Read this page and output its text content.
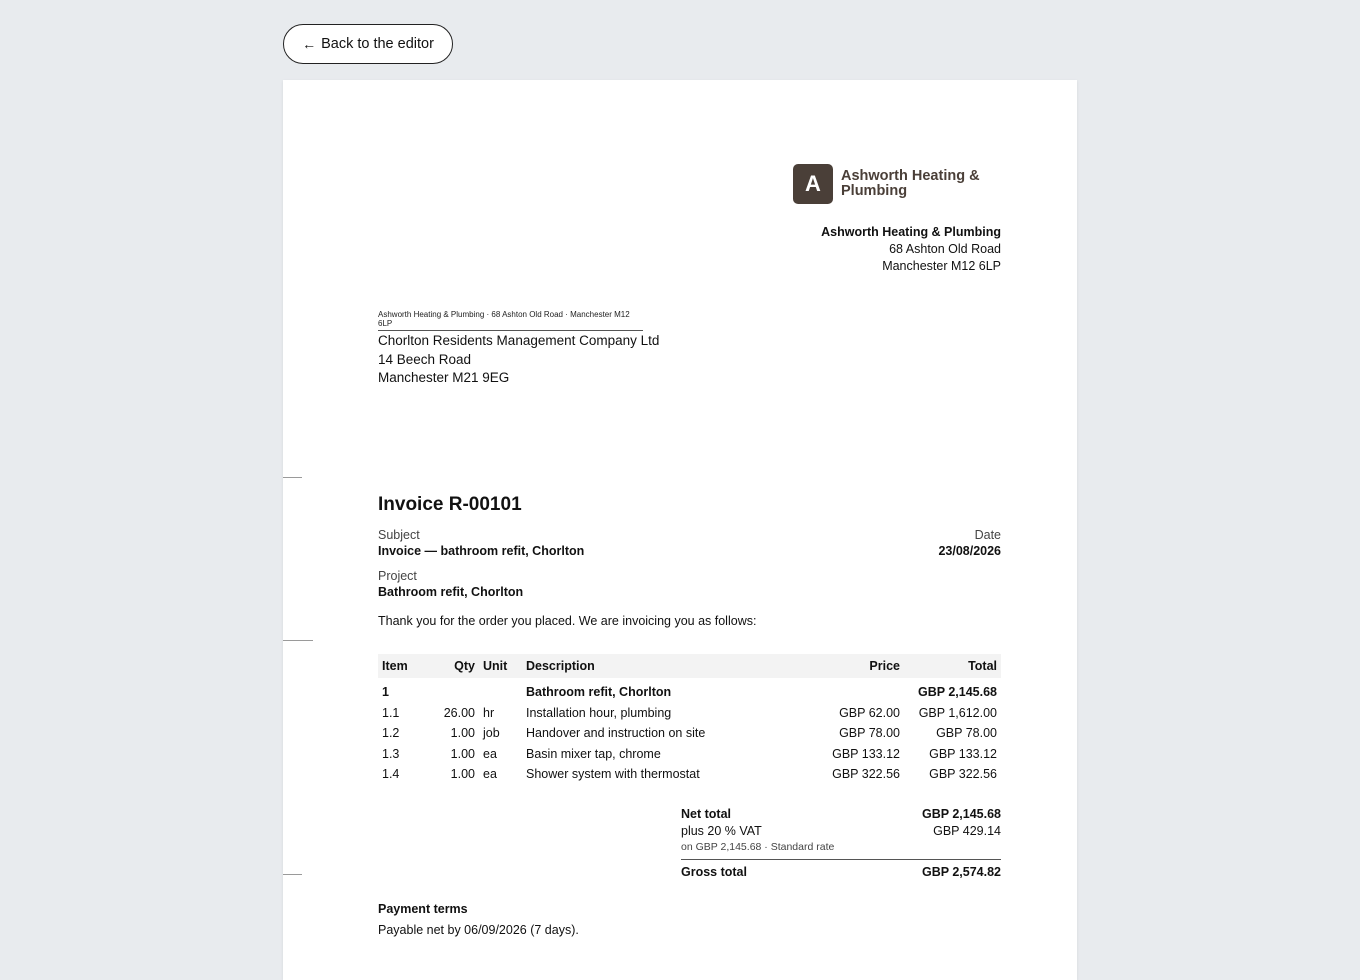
← Back to the editor
A	Ashworth Heating & Plumbing
Ashworth Heating & Plumbing
68 Ashton Old Road
Manchester M12 6LP
Ashworth Heating & Plumbing · 68 Ashton Old Road · Manchester M12 6LP
Chorlton Residents Management Company Ltd
14 Beech Road
Manchester M21 9EG
Invoice R-00101
Subject
Invoice — bathroom refit, Chorlton
Date
23/08/2026
Project
Bathroom refit, Chorlton
Thank you for the order you placed. We are invoicing you as follows:
Item	Qty	Unit	Description	Price	Total
1			Bathroom refit, Chorlton		GBP 2,145.68
1.1	26.00	hr	Installation hour, plumbing	GBP 62.00	GBP 1,612.00
1.2	1.00	job	Handover and instruction on site	GBP 78.00	GBP 78.00
1.3	1.00	ea	Basin mixer tap, chrome	GBP 133.12	GBP 133.12
1.4	1.00	ea	Shower system with thermostat	GBP 322.56	GBP 322.56
Net total	GBP 2,145.68
plus 20 % VAT	GBP 429.14
on GBP 2,145.68 · Standard rate
Gross total	GBP 2,574.82
Payment terms
Payable net by 06/09/2026 (7 days).
